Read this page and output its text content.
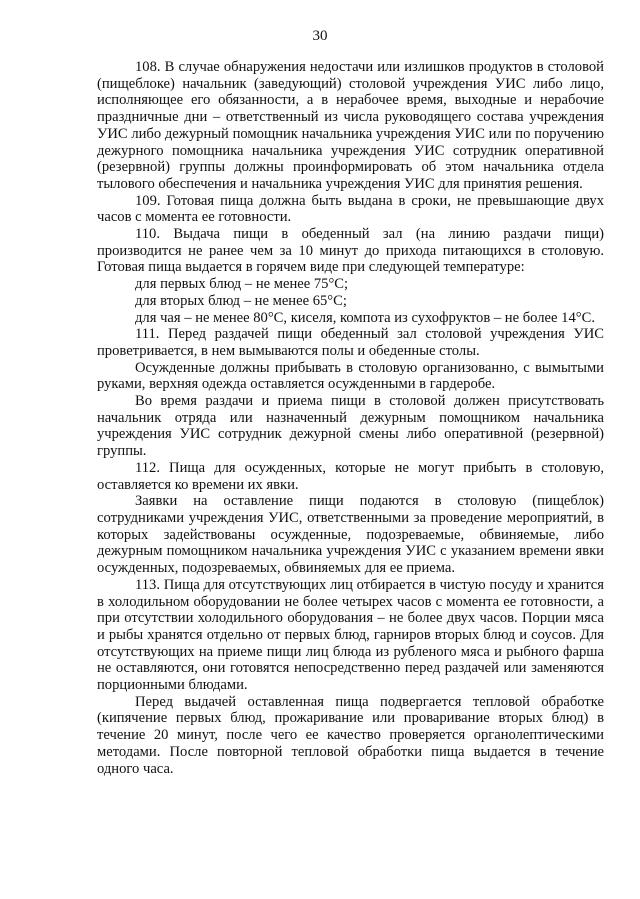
30

108. В случае обнаружения недостачи или излишков продуктов в столовой (пищеблоке) начальник (заведующий) столовой учреждения УИС либо лицо, исполняющее его обязанности, а в нерабочее время, выходные и нерабочие праздничные дни – ответственный из числа руководящего состава учреждения УИС либо дежурный помощник начальника учреждения УИС или по поручению дежурного помощника начальника учреждения УИС сотрудник оперативной (резервной) группы должны проинформировать об этом начальника отдела тылового обеспечения и начальника учреждения УИС для принятия решения.

109. Готовая пища должна быть выдана в сроки, не превышающие двух часов с момента ее готовности.

110. Выдача пищи в обеденный зал (на линию раздачи пищи) производится не ранее чем за 10 минут до прихода питающихся в столовую. Готовая пища выдается в горячем виде при следующей температуре:

для первых блюд – не менее 75°C;

для вторых блюд – не менее 65°C;

для чая – не менее 80°C, киселя, компота из сухофруктов – не более 14°C.

111. Перед раздачей пищи обеденный зал столовой учреждения УИС проветривается, в нем вымываются полы и обеденные столы.

Осужденные должны прибывать в столовую организованно, с вымытыми руками, верхняя одежда оставляется осужденными в гардеробе.

Во время раздачи и приема пищи в столовой должен присутствовать начальник отряда или назначенный дежурным помощником начальника учреждения УИС сотрудник дежурной смены либо оперативной (резервной) группы.

112. Пища для осужденных, которые не могут прибыть в столовую, оставляется ко времени их явки.

Заявки на оставление пищи подаются в столовую (пищеблок) сотрудниками учреждения УИС, ответственными за проведение мероприятий, в которых задействованы осужденные, подозреваемые, обвиняемые, либо дежурным помощником начальника учреждения УИС с указанием времени явки осужденных, подозреваемых, обвиняемых для ее приема.

113. Пища для отсутствующих лиц отбирается в чистую посуду и хранится в холодильном оборудовании не более четырех часов с момента ее готовности, а при отсутствии холодильного оборудования – не более двух часов. Порции мяса и рыбы хранятся отдельно от первых блюд, гарниров вторых блюд и соусов. Для отсутствующих на приеме пищи лиц блюда из рубленого мяса и рыбного фарша не оставляются, они готовятся непосредственно перед раздачей или заменяются порционными блюдами.

Перед выдачей оставленная пища подвергается тепловой обработке (кипячение первых блюд, прожаривание или проваривание вторых блюд) в течение 20 минут, после чего ее качество проверяется органолептическими методами. После повторной тепловой обработки пища выдается в течение одного часа.
